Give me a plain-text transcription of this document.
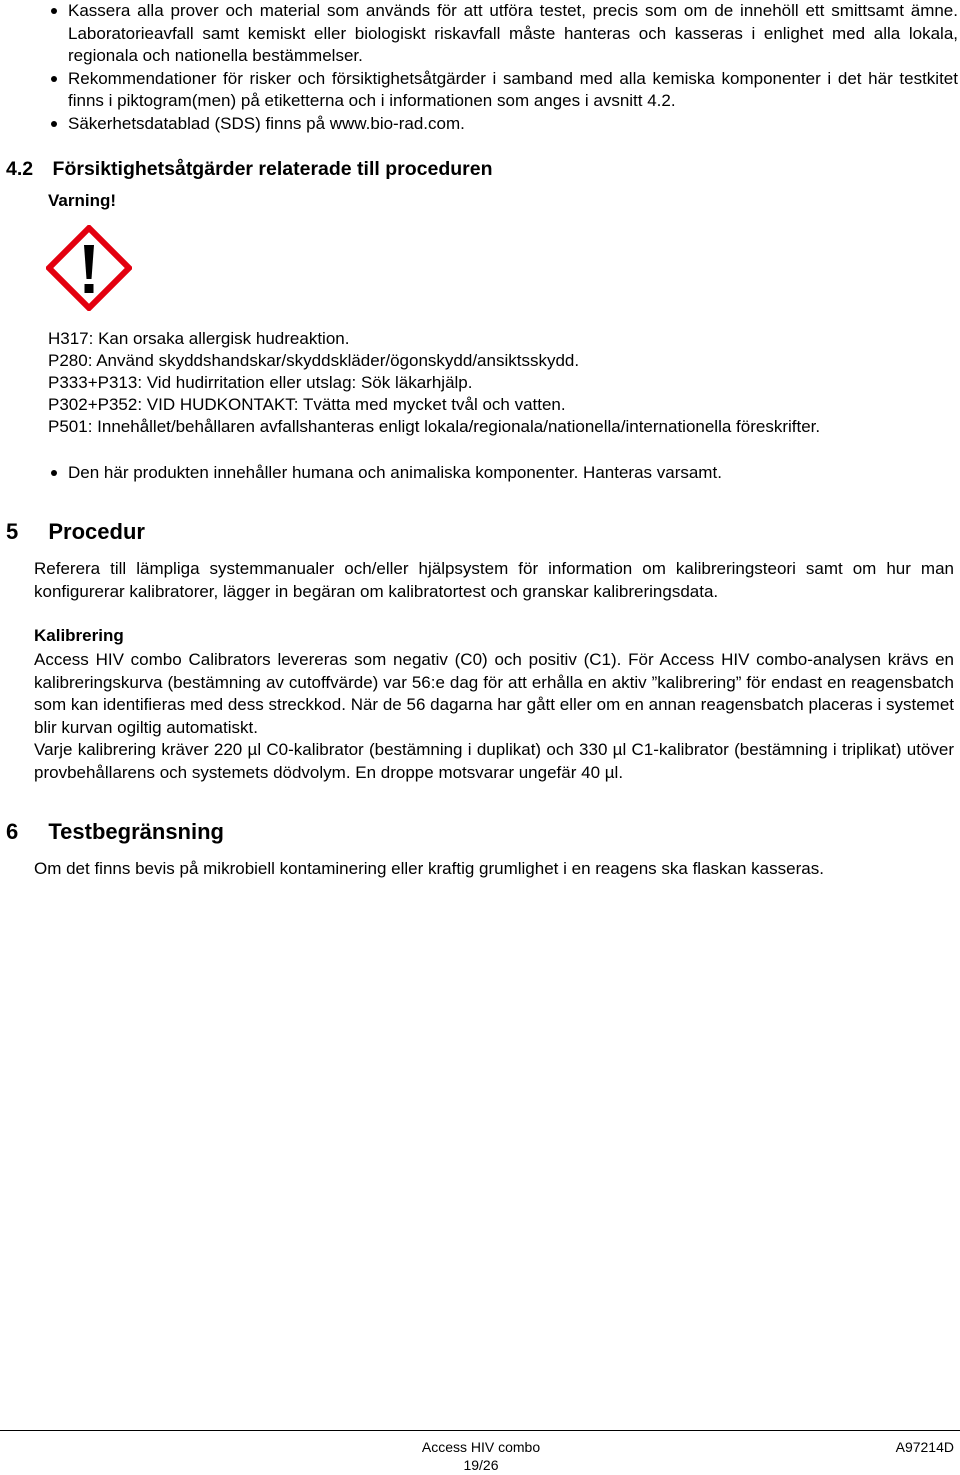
Kassera alla prover och material som används för att utföra testet, precis som om de innehöll ett smittsamt ämne. Laboratorieavfall samt kemiskt eller biologiskt riskavfall måste hanteras och kasseras i enlighet med alla lokala, regionala och nationella bestämmelser.
Rekommendationer för risker och försiktighetsåtgärder i samband med alla kemiska komponenter i det här testkitet finns i piktogram(men) på etiketterna och i informationen som anges i avsnitt 4.2.
Säkerhetsdatablad (SDS) finns på www.bio-rad.com.
4.2 Försiktighetsåtgärder relaterade till proceduren
Varning!
H317: Kan orsaka allergisk hudreaktion.
P280: Använd skyddshandskar/skyddskläder/ögonskydd/ansiktsskydd.
P333+P313: Vid hudirritation eller utslag: Sök läkarhjälp.
P302+P352: VID HUDKONTAKT: Tvätta med mycket tvål och vatten.
P501: Innehållet/behållaren avfallshanteras enligt lokala/regionala/nationella/internationella föreskrifter.
Den här produkten innehåller humana och animaliska komponenter. Hanteras varsamt.
5 Procedur
Referera till lämpliga systemmanualer och/eller hjälpsystem för information om kalibreringsteori samt om hur man konfigurerar kalibratorer, lägger in begäran om kalibratortest och granskar kalibreringsdata.
Kalibrering
Access HIV combo Calibrators levereras som negativ (C0) och positiv (C1). För Access HIV combo-analysen krävs en kalibreringskurva (bestämning av cutoffvärde) var 56:e dag för att erhålla en aktiv ”kalibrering” för endast en reagensbatch som kan identifieras med dess streckkod. När de 56 dagarna har gått eller om en annan reagensbatch placeras i systemet blir kurvan ogiltig automatiskt.
Varje kalibrering kräver 220 µl C0-kalibrator (bestämning i duplikat) och 330 µl C1-kalibrator (bestämning i triplikat) utöver provbehållarens och systemets dödvolym. En droppe motsvarar ungefär 40 µl.
6 Testbegränsning
Om det finns bevis på mikrobiell kontaminering eller kraftig grumlighet i en reagens ska flaskan kasseras.
Access HIV combo
19/26
A97214D
